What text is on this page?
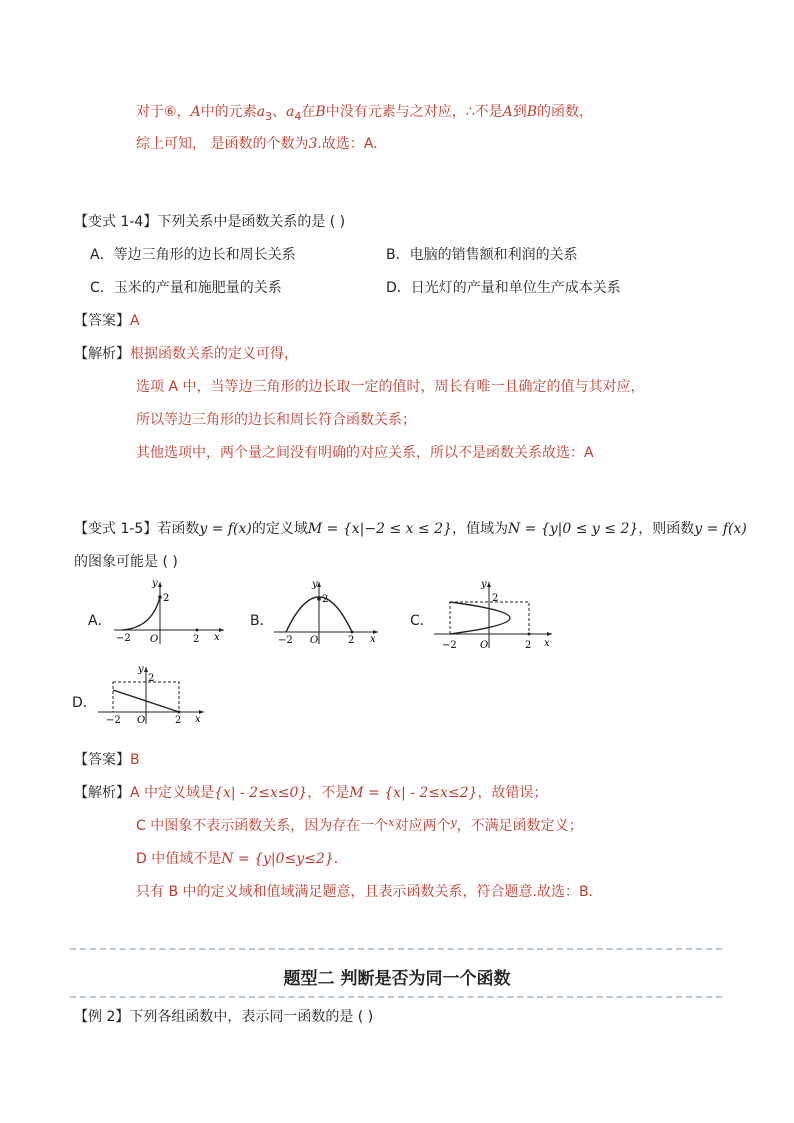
对于⑥，A中的元素$a_3$、$a_4$在B中没有元素与之对应，∴不是A到B的函数，
综上可知， 是函数的个数为3.故选：A.
【变式 1-4】下列关系中是函数关系的是 ( )
A．等边三角形的边长和周长关系	B．电脑的销售额和利润的关系
C．玉米的产量和施肥量的关系	D．日光灯的产量和单位生产成本关系
【答案】A
【解析】根据函数关系的定义可得，
选项 A 中，当等边三角形的边长取一定的值时，周长有唯一且确定的值与其对应，
所以等边三角形的边长和周长符合函数关系；
其他选项中，两个量之间没有明确的对应关系，所以不是函数关系故选：A
【变式 1-5】若函数y = f(x)的定义域M = {x|−2 ≤ x ≤ 2}，值域为N = {y|0 ≤ y ≤ 2}，则函数y = f(x)
的图象可能是 ( )
A．	B．	C．
D．
−2
2
2
O	x
y
−2
2
2
O	x
y
−2
2
2
O	x
y
−2
2
2
O	x
y
【答案】B
【解析】A 中定义域是{x| - 2≤x≤0}，不是M = {x| - 2≤x≤2}，故错误；
C 中图象不表示函数关系，因为存在一个$^x$对应两个$^y$，不满足函数定义；
D 中值域不是N = {y|0≤y≤2}.
只有 B 中的定义域和值域满足题意，且表示函数关系，符合题意.故选：B.
题型二 判断是否为同一个函数
【例 2】下列各组函数中，表示同一函数的是 ( )
